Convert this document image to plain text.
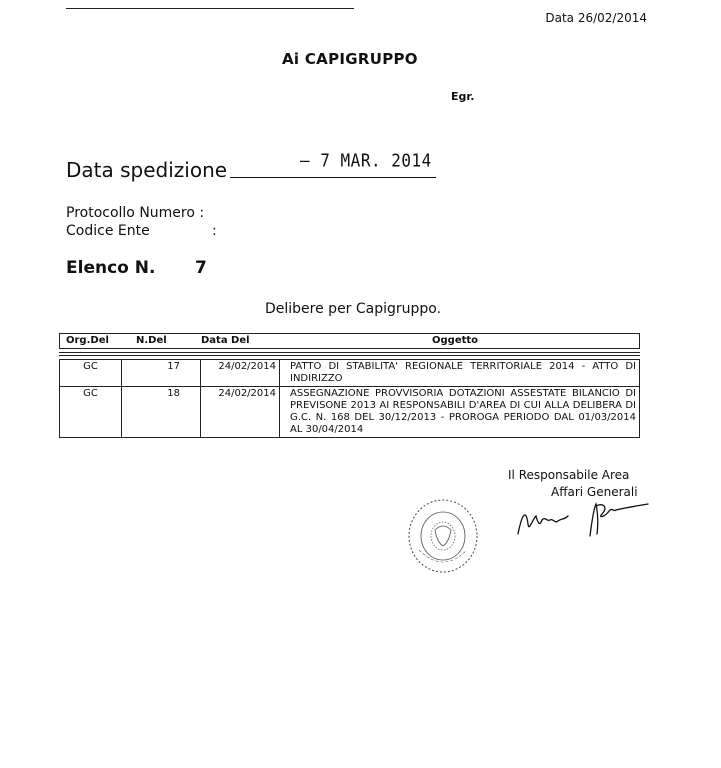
Data 26/02/2014
Ai CAPIGRUPPO
Egr.
Data spedizione	‒ 7 MAR. 2014
Protocollo Numero :
Codice Ente	:
Elenco N. 7
Delibere per Capigruppo.
Org.Del	N.Del	Data Del	Oggetto
GC	17	24/02/2014	PATTO DI STABILITA' REGIONALE TERRITORIALE 2014 - ATTO DI INDIRIZZO
GC	18	24/02/2014	ASSEGNAZIONE PROVVISORIA DOTAZIONI ASSESTATE BILANCIO DI PREVISONE 2013 AI RESPONSABILI D'AREA DI CUI ALLA DELIBERA DI G.C. N. 168 DEL 30/12/2013 - PROROGA PERIODO DAL 01/03/2014 AL 30/04/2014
Il Responsabile Area
Affari Generali
